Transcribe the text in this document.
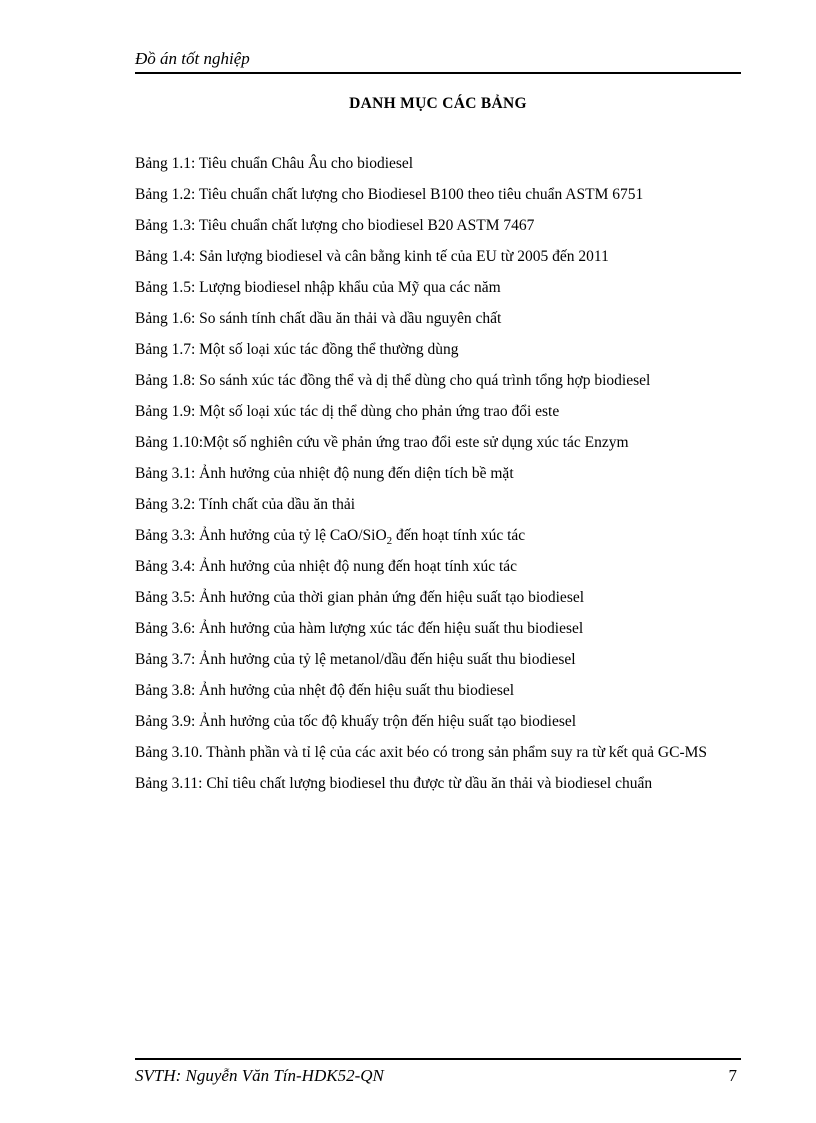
Đồ án tốt nghiệp
DANH MỤC CÁC BẢNG
Bảng 1.1: Tiêu chuẩn Châu Âu cho biodiesel
Bảng 1.2: Tiêu chuẩn chất lượng cho Biodiesel B100 theo tiêu chuẩn ASTM 6751
Bảng 1.3: Tiêu chuẩn chất lượng cho biodiesel B20 ASTM 7467
Bảng 1.4: Sản lượng biodiesel và cân bằng kinh tế của EU từ 2005 đến 2011
Bảng 1.5: Lượng biodiesel nhập khẩu của Mỹ qua các năm
Bảng 1.6: So sánh tính chất dầu ăn thải và dầu nguyên chất
Bảng 1.7: Một số loại xúc tác đồng thể thường dùng
Bảng 1.8: So sánh xúc tác đồng thể và dị thể dùng cho quá trình tổng hợp biodiesel
Bảng 1.9: Một số loại xúc tác dị thể dùng cho phản ứng trao đổi este
Bảng 1.10:Một số nghiên cứu về phản ứng trao đổi este sử dụng xúc tác Enzym
Bảng 3.1: Ảnh hưởng của nhiệt độ nung đến diện tích bề mặt
Bảng 3.2: Tính chất của dầu ăn thải
Bảng 3.3: Ảnh hưởng của tỷ lệ CaO/SiO$_2$ đến hoạt tính xúc tác
Bảng 3.4: Ảnh hưởng của nhiệt độ nung đến hoạt tính xúc tác
Bảng 3.5: Ảnh hưởng của thời gian phản ứng đến hiệu suất tạo biodiesel
Bảng 3.6: Ảnh hưởng của hàm lượng xúc tác đến hiệu suất thu biodiesel
Bảng 3.7: Ảnh hưởng của tỷ lệ metanol/dầu đến hiệu suất thu biodiesel
Bảng 3.8: Ảnh hưởng của nhệt độ đến hiệu suất thu biodiesel
Bảng 3.9: Ảnh hưởng của tốc độ khuấy trộn đến hiệu suất tạo biodiesel
Bảng 3.10. Thành phần và tỉ lệ của các axit béo có trong sản phẩm suy ra từ kết quả GC-MS
Bảng 3.11: Chỉ tiêu chất lượng biodiesel thu được từ dầu ăn thải và biodiesel chuẩn
SVTH: Nguyễn Văn Tín-HDK52-QN	7
